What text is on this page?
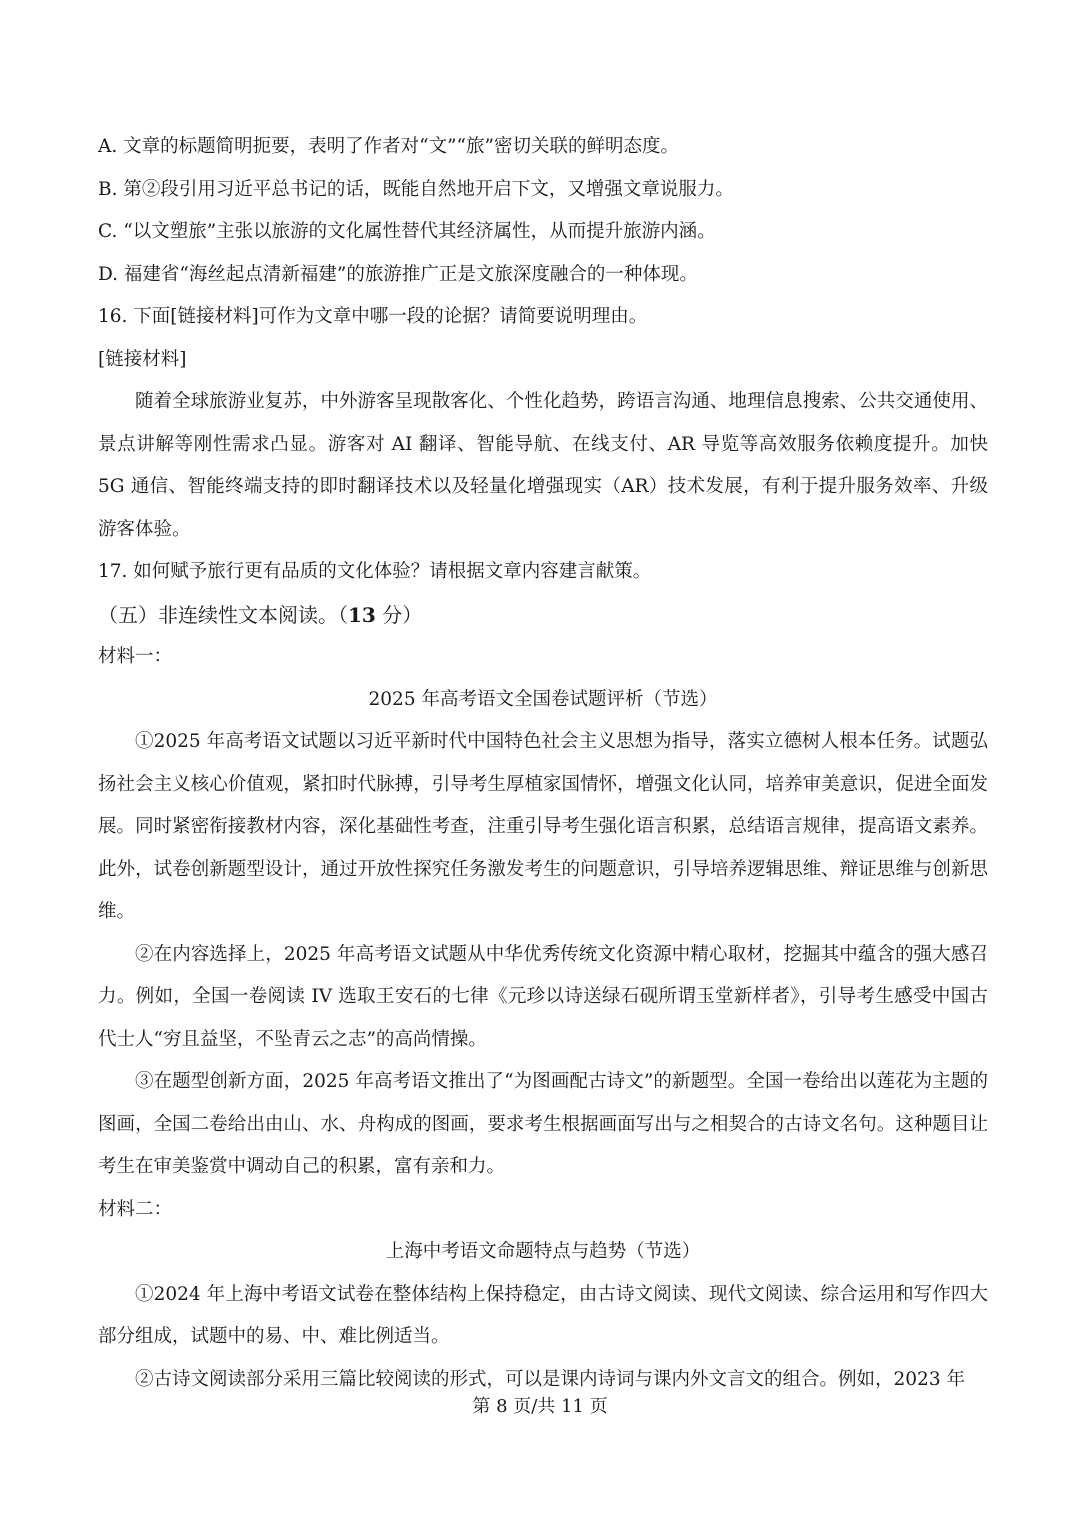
A. 文章的标题简明扼要，表明了作者对“文”“旅”密切关联的鲜明态度。
B. 第②段引用习近平总书记的话，既能自然地开启下文，又增强文章说服力。
C. “以文塑旅”主张以旅游的文化属性替代其经济属性，从而提升旅游内涵。
D. 福建省“海丝起点清新福建”的旅游推广正是文旅深度融合的一种体现。
16. 下面[链接材料]可作为文章中哪一段的论据？请简要说明理由。
[链接材料]

随着全球旅游业复苏，中外游客呈现散客化、个性化趋势，跨语言沟通、地理信息搜索、公共交通使用、景点讲解等刚性需求凸显。游客对 AI 翻译、智能导航、在线支付、AR 导览等高效服务依赖度提升。加快 5G 通信、智能终端支持的即时翻译技术以及轻量化增强现实（AR）技术发展，有利于提升服务效率、升级游客体验。

17. 如何赋予旅行更有品质的文化体验？请根据文章内容建言献策。
（五）非连续性文本阅读。（13 分）
材料一：
2025 年高考语文全国卷试题评析（节选）

①2025 年高考语文试题以习近平新时代中国特色社会主义思想为指导，落实立德树人根本任务。试题弘扬社会主义核心价值观，紧扣时代脉搏，引导考生厚植家国情怀，增强文化认同，培养审美意识，促进全面发展。同时紧密衔接教材内容，深化基础性考查，注重引导考生强化语言积累，总结语言规律，提高语文素养。此外，试卷创新题型设计，通过开放性探究任务激发考生的问题意识，引导培养逻辑思维、辩证思维与创新思维。

②在内容选择上，2025 年高考语文试题从中华优秀传统文化资源中精心取材，挖掘其中蕴含的强大感召力。例如，全国一卷阅读 IV 选取王安石的七律《元珍以诗送绿石砚所谓玉堂新样者》，引导考生感受中国古代士人“穷且益坚，不坠青云之志”的高尚情操。

③在题型创新方面，2025 年高考语文推出了“为图画配古诗文”的新题型。全国一卷给出以莲花为主题的图画，全国二卷给出由山、水、舟构成的图画，要求考生根据画面写出与之相契合的古诗文名句。这种题目让考生在审美鉴赏中调动自己的积累，富有亲和力。

材料二：
上海中考语文命题特点与趋势（节选）

①2024 年上海中考语文试卷在整体结构上保持稳定，由古诗文阅读、现代文阅读、综合运用和写作四大部分组成，试题中的易、中、难比例适当。

②古诗文阅读部分采用三篇比较阅读的形式，可以是课内诗词与课内外文言文的组合。例如，2023 年

第 8 页/共 11 页
